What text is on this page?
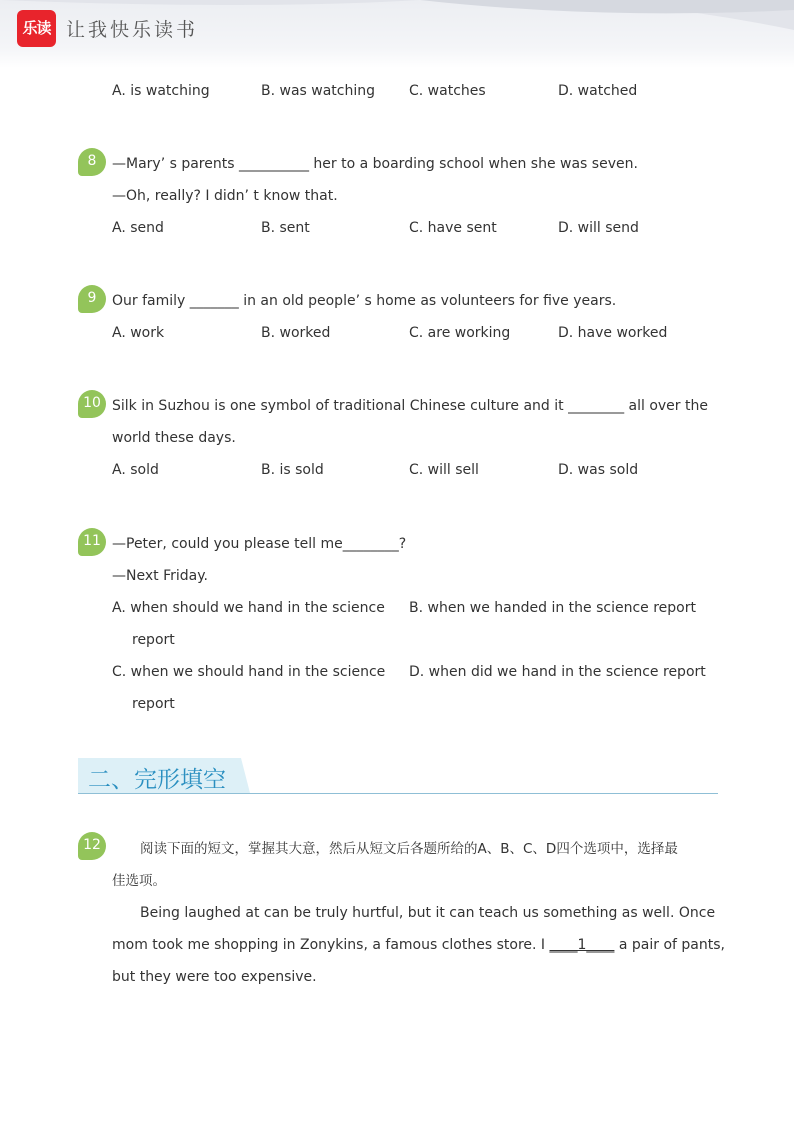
乐读 让我快乐读书
A. is watching	B. was watching C. watches	D. watched
8	—Mary’ s parents __________ her to a boarding school when she was seven.
—Oh, really? I didn’ t know that.
A. send	B. sent	C. have sent	D. will send
9	Our family _______ in an old people’ s home as volunteers for five years.
A. work	B. worked	C. are working	D. have worked
10 Silk in Suzhou is one symbol of traditional Chinese culture and it ________ all over the
world these days.
A. sold	B. is sold	C. will sell	D. was sold
11 —Peter, could you please tell me________?
—Next Friday.
A. when should we hand in the science B. when we handed in the science report
report
C. when we should hand in the science D. when did we hand in the science report
report
二、完形填空
12	阅读下面的短文，掌握其大意，然后从短文后各题所给的A、B、C、D四个选项中，选择最
佳选项。
Being laughed at can be truly hurtful, but it can teach us something as well. Once
mom took me shopping in Zonykins, a famous clothes store. I ____1____ a pair of pants,
but they were too expensive.
